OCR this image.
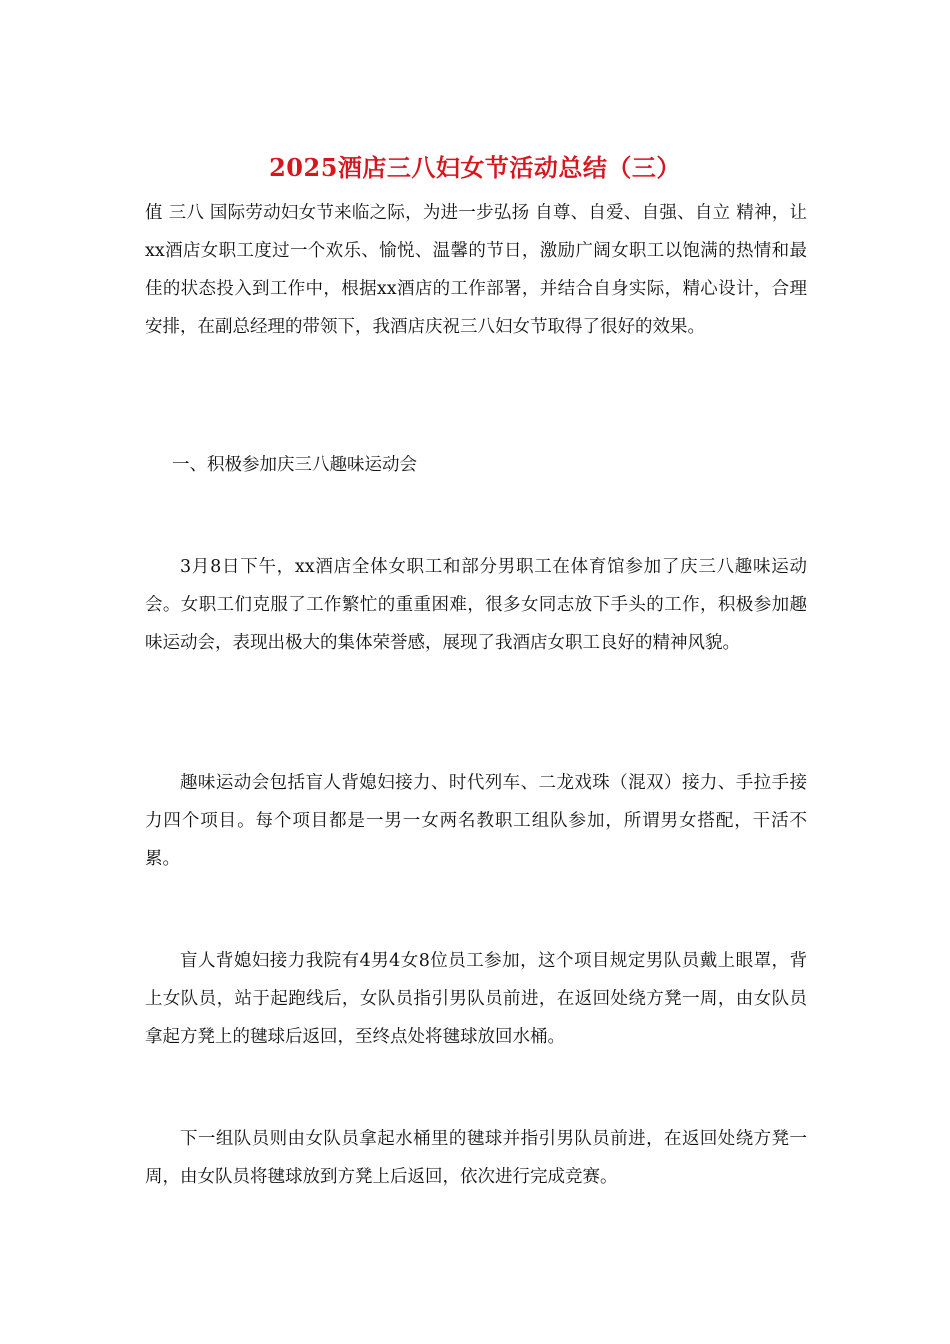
2025酒店三八妇女节活动总结（三）

值 三八 国际劳动妇女节来临之际，为进一步弘扬 自尊、自爱、自强、自立 精神，让xx酒店女职工度过一个欢乐、愉悦、温馨的节日，激励广阔女职工以饱满的热情和最佳的状态投入到工作中，根据xx酒店的工作部署，并结合自身实际，精心设计，合理安排，在副总经理的带领下，我酒店庆祝三八妇女节取得了很好的效果。

一、积极参加庆三八趣味运动会

3月8日下午，xx酒店全体女职工和部分男职工在体育馆参加了庆三八趣味运动会。女职工们克服了工作繁忙的重重困难，很多女同志放下手头的工作，积极参加趣味运动会，表现出极大的集体荣誉感，展现了我酒店女职工良好的精神风貌。

趣味运动会包括盲人背媳妇接力、时代列车、二龙戏珠（混双）接力、手拉手接力四个项目。每个项目都是一男一女两名教职工组队参加，所谓男女搭配，干活不累。

盲人背媳妇接力我院有4男4女8位员工参加，这个项目规定男队员戴上眼罩，背上女队员，站于起跑线后，女队员指引男队员前进，在返回处绕方凳一周，由女队员拿起方凳上的毽球后返回，至终点处将毽球放回水桶。

下一组队员则由女队员拿起水桶里的毽球并指引男队员前进，在返回处绕方凳一周，由女队员将毽球放到方凳上后返回，依次进行完成竞赛。
